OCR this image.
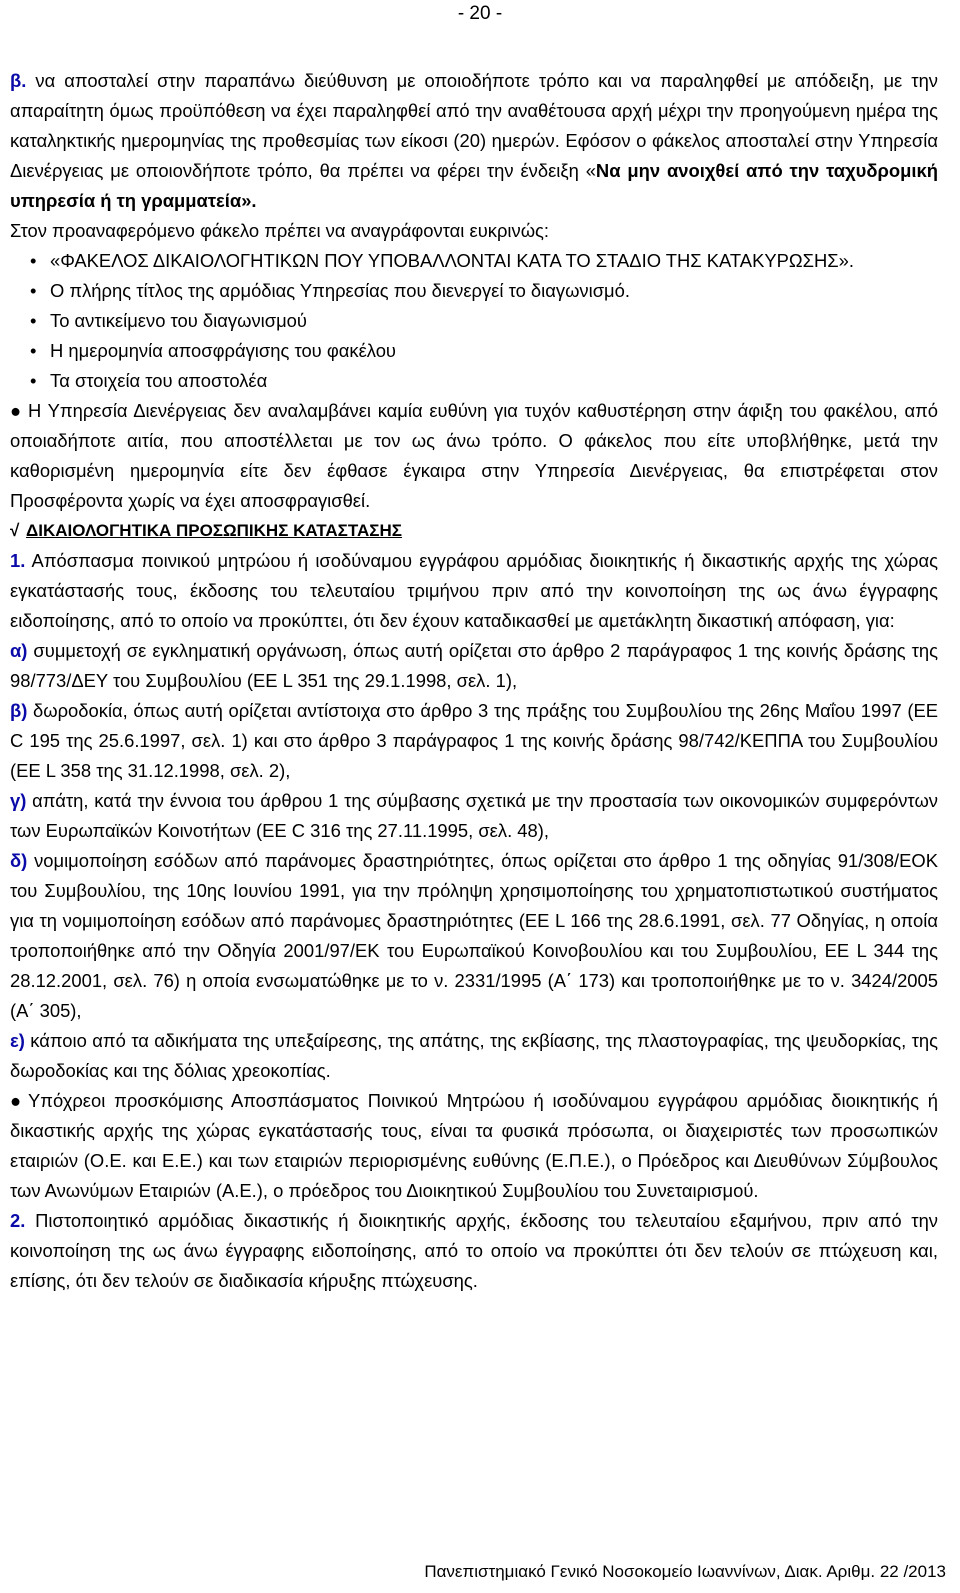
- 20 -

β. να αποσταλεί στην παραπάνω διεύθυνση με οποιοδήποτε τρόπο και να παραληφθεί με απόδειξη, με την απαραίτητη όμως προϋπόθεση να έχει παραληφθεί από την αναθέτουσα αρχή μέχρι την προηγούμενη ημέρα της καταληκτικής ημερομηνίας της προθεσμίας των είκοσι (20) ημερών. Εφόσον ο φάκελος αποσταλεί στην Υπηρεσία Διενέργειας με οποιονδήποτε τρόπο, θα πρέπει να φέρει την ένδειξη «Να μην ανοιχθεί από την ταχυδρομική υπηρεσία ή τη γραμματεία».

Στον προαναφερόμενο φάκελο πρέπει να αναγράφονται ευκρινώς:

• «ΦΑΚΕΛΟΣ ΔΙΚΑΙΟΛΟΓΗΤΙΚΩΝ ΠΟΥ ΥΠΟΒΑΛΛΟΝΤΑΙ ΚΑΤΑ ΤΟ ΣΤΑΔΙΟ ΤΗΣ ΚΑΤΑΚΥΡΩΣΗΣ».
• Ο πλήρης τίτλος της αρμόδιας Υπηρεσίας που διενεργεί το διαγωνισμό.
• Το αντικείμενο του διαγωνισμού
• Η ημερομηνία αποσφράγισης του φακέλου
• Τα στοιχεία του αποστολέα

● Η Υπηρεσία Διενέργειας δεν αναλαμβάνει καμία ευθύνη για τυχόν καθυστέρηση στην άφιξη του φακέλου, από οποιαδήποτε αιτία, που αποστέλλεται με τον ως άνω τρόπο. Ο φάκελος που είτε υποβλήθηκε, μετά την καθορισμένη ημερομηνία είτε δεν έφθασε έγκαιρα στην Υπηρεσία Διενέργειας, θα επιστρέφεται στον Προσφέροντα χωρίς να έχει αποσφραγισθεί.

√ ΔΙΚΑΙΟΛΟΓΗΤΙΚΑ ΠΡΟΣΩΠΙΚΗΣ ΚΑΤΑΣΤΑΣΗΣ

1. Απόσπασμα ποινικού μητρώου ή ισοδύναμου εγγράφου αρμόδιας διοικητικής ή δικαστικής αρχής της χώρας εγκατάστασής τους, έκδοσης του τελευταίου τριμήνου πριν από την κοινοποίηση της ως άνω έγγραφης ειδοποίησης, από το οποίο να προκύπτει, ότι δεν έχουν καταδικασθεί με αμετάκλητη δικαστική απόφαση, για:

α) συμμετοχή σε εγκληματική οργάνωση, όπως αυτή ορίζεται στο άρθρο 2 παράγραφος 1 της κοινής δράσης της 98/773/ΔΕΥ του Συμβουλίου (ΕΕ L 351 της 29.1.1998, σελ. 1),

β) δωροδοκία, όπως αυτή ορίζεται αντίστοιχα στο άρθρο 3 της πράξης του Συμβουλίου της 26ης Μαΐου 1997 (ΕΕ C 195 της 25.6.1997, σελ. 1) και στο άρθρο 3 παράγραφος 1 της κοινής δράσης 98/742/ΚΕΠΠΑ του Συμβουλίου (ΕΕ L 358 της 31.12.1998, σελ. 2),

γ) απάτη, κατά την έννοια του άρθρου 1 της σύμβασης σχετικά με την προστασία των οικονομικών συμφερόντων των Ευρωπαϊκών Κοινοτήτων (ΕΕ C 316 της 27.11.1995, σελ. 48),

δ) νομιμοποίηση εσόδων από παράνομες δραστηριότητες, όπως ορίζεται στο άρθρο 1 της οδηγίας 91/308/ΕΟΚ του Συμβουλίου, της 10ης Ιουνίου 1991, για την πρόληψη χρησιμοποίησης του χρηματοπιστωτικού συστήματος για τη νομιμοποίηση εσόδων από παράνομες δραστηριότητες (ΕΕ L 166 της 28.6.1991, σελ. 77 Οδηγίας, η οποία τροποποιήθηκε από την Οδηγία 2001/97/ΕΚ του Ευρωπαϊκού Κοινοβουλίου και του Συμβουλίου, ΕΕ L 344 της 28.12.2001, σελ. 76) η οποία ενσωματώθηκε με το ν. 2331/1995 (Α΄ 173) και τροποποιήθηκε με το ν. 3424/2005 (Α΄ 305),

ε) κάποιο από τα αδικήματα της υπεξαίρεσης, της απάτης, της εκβίασης, της πλαστογραφίας, της ψευδορκίας, της δωροδοκίας και της δόλιας χρεοκοπίας.

● Υπόχρεοι προσκόμισης Αποσπάσματος Ποινικού Μητρώου ή ισοδύναμου εγγράφου αρμόδιας διοικητικής ή δικαστικής αρχής της χώρας εγκατάστασής τους, είναι τα φυσικά πρόσωπα, οι διαχειριστές των προσωπικών εταιριών (Ο.Ε. και Ε.Ε.) και των εταιριών περιορισμένης ευθύνης (Ε.Π.Ε.), ο Πρόεδρος και Διευθύνων Σύμβουλος των Ανωνύμων Εταιριών (Α.Ε.), ο πρόεδρος του Διοικητικού Συμβουλίου του Συνεταιρισμού.

2. Πιστοποιητικό αρμόδιας δικαστικής ή διοικητικής αρχής, έκδοσης του τελευταίου εξαμήνου, πριν από την κοινοποίηση της ως άνω έγγραφης ειδοποίησης, από το οποίο να προκύπτει ότι δεν τελούν σε πτώχευση και, επίσης, ότι δεν τελούν σε διαδικασία κήρυξης πτώχευσης.

Πανεπιστημιακό Γενικό Νοσοκομείο Ιωαννίνων, Διακ. Αριθμ. 22 /2013
